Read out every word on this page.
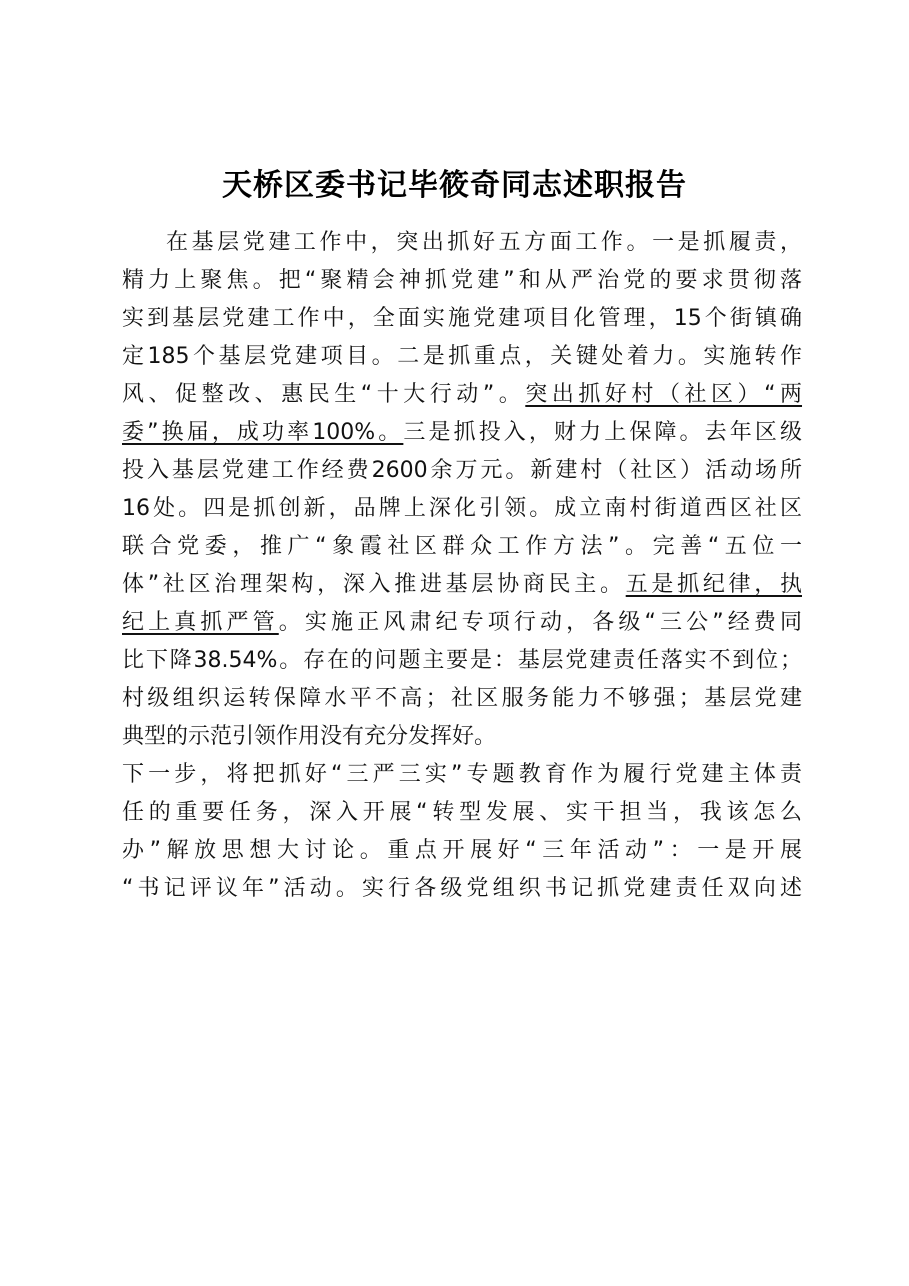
天桥区委书记毕筱奇同志述职报告
在基层党建工作中，突出抓好五方面工作。一是抓履责，
精力上聚焦。把“聚精会神抓党建”和从严治党的要求贯彻落
实到基层党建工作中，全面实施党建项目化管理，15个街镇确
定185个基层党建项目。二是抓重点，关键处着力。实施转作
风、促整改、惠民生“十大行动”。突出抓好村（社区）“两
委”换届，成功率100%。三是抓投入，财力上保障。去年区级
投入基层党建工作经费2600余万元。新建村（社区）活动场所
16处。四是抓创新，品牌上深化引领。成立南村街道西区社区
联合党委，推广“象霞社区群众工作方法”。完善“五位一
体”社区治理架构，深入推进基层协商民主。五是抓纪律，执
纪上真抓严管。实施正风肃纪专项行动，各级“三公”经费同
比下降38.54%。存在的问题主要是：基层党建责任落实不到位；
村级组织运转保障水平不高；社区服务能力不够强；基层党建
典型的示范引领作用没有充分发挥好。
下一步，将把抓好“三严三实”专题教育作为履行党建主体责
任的重要任务，深入开展“转型发展、实干担当，我该怎么
办”解放思想大讨论。重点开展好“三年活动”：一是开展
“书记评议年”活动。实行各级党组织书记抓党建责任双向述
